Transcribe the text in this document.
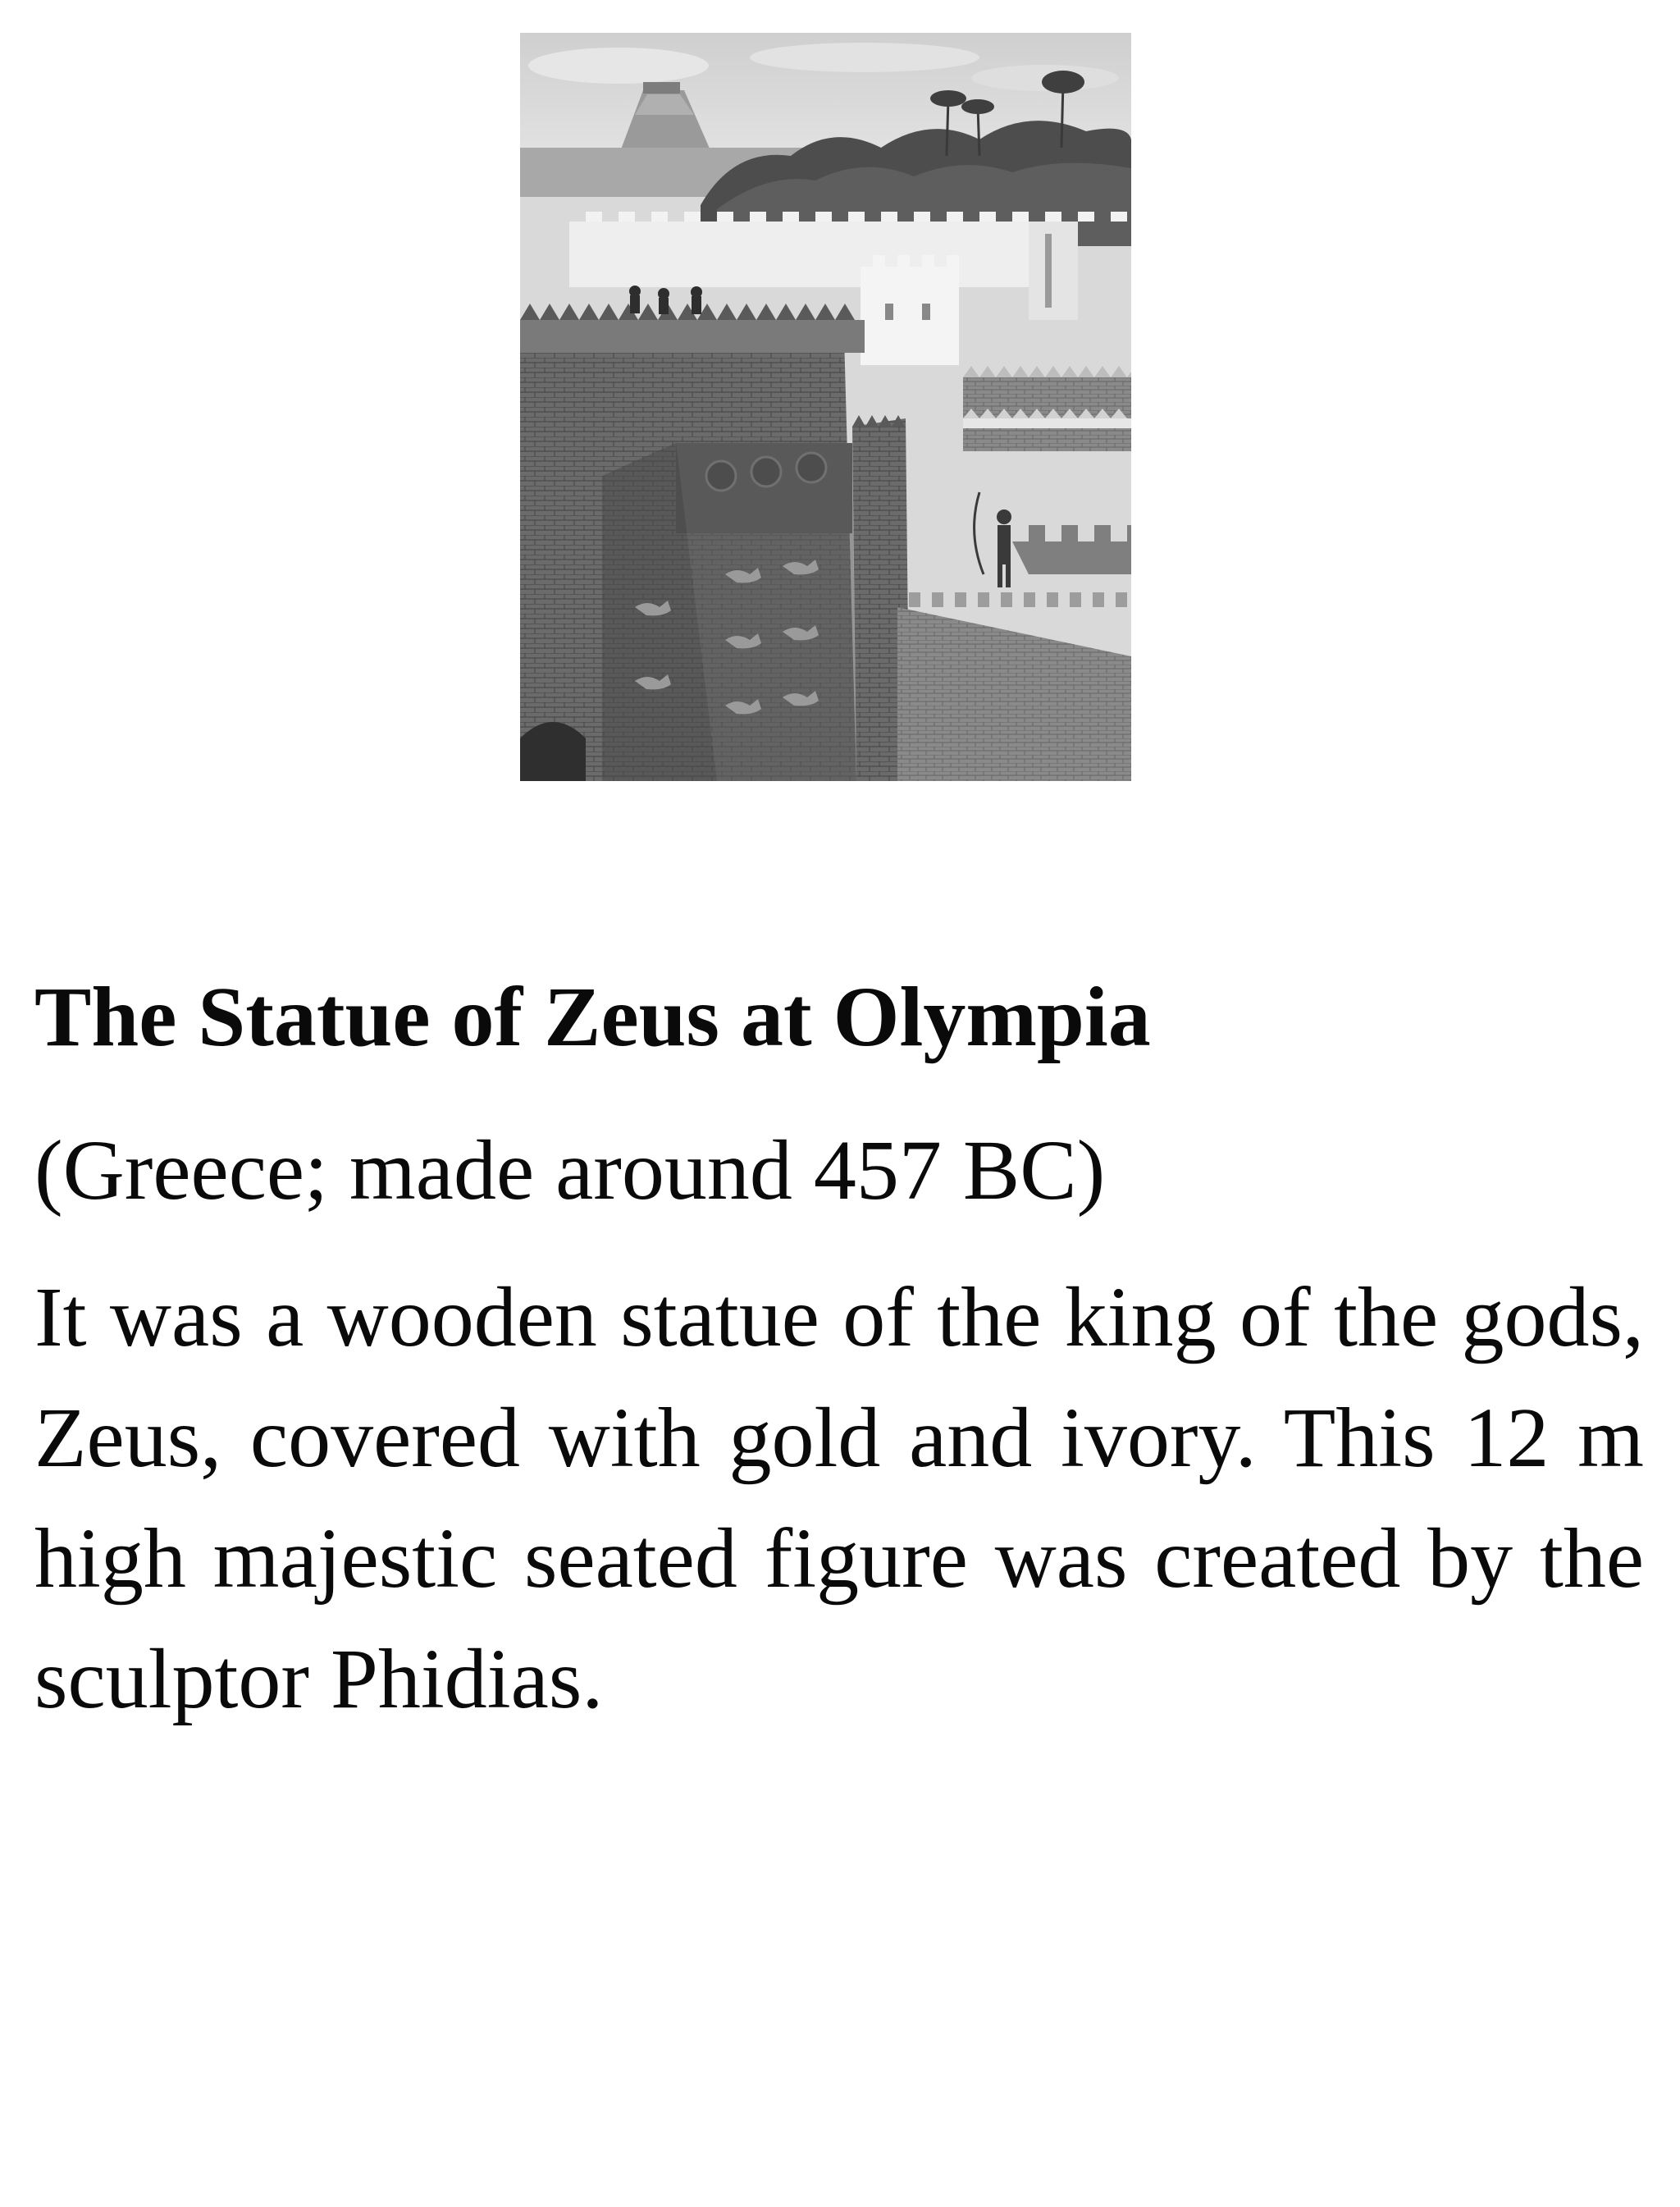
The Statue of Zeus at Olympia

(Greece; made around 457 BC)

It was a wooden statue of the king of the gods, Zeus, covered with gold and ivory. This 12 m high majestic seated figure was created by the sculptor Phidias.
